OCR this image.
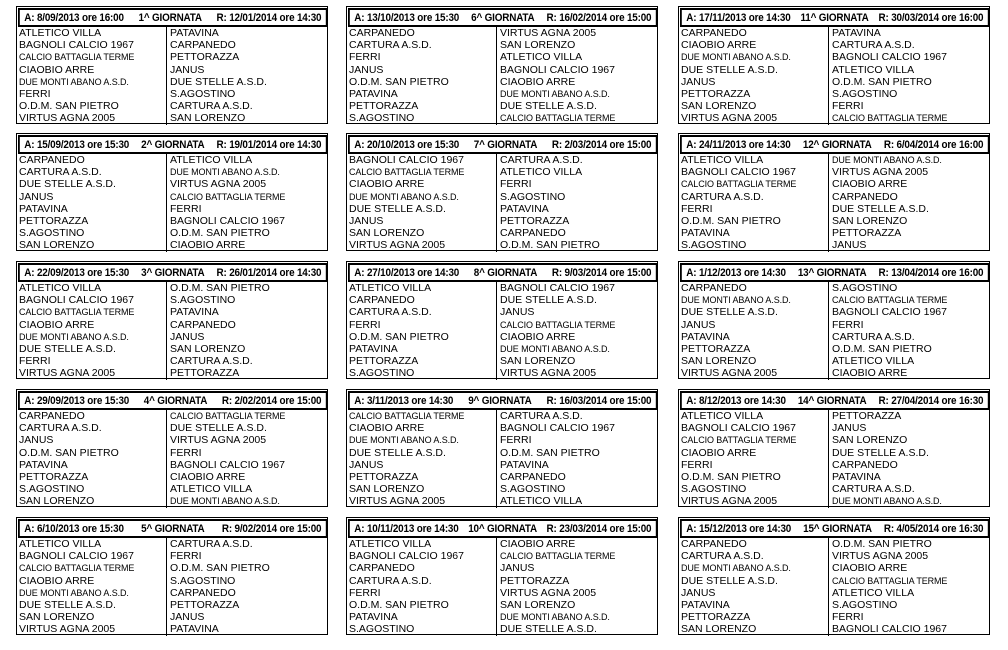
A: 8/09/2013 ore 16:00 1^ GIORNATA R: 12/01/2014 ore 14:30
ATLETICO VILLA	PATAVINA
BAGNOLI CALCIO 1967	CARPANEDO
CALCIO BATTAGLIA TERME	PETTORAZZA
CIAOBIO ARRE	JANUS
DUE MONTI ABANO A.S.D.	DUE STELLE A.S.D.
FERRI	S.AGOSTINO
O.D.M. SAN PIETRO	CARTURA A.S.D.
VIRTUS AGNA 2005	SAN LORENZO
A: 13/10/2013 ore 15:30 6^ GIORNATA R: 16/02/2014 ore 15:00
CARPANEDO	VIRTUS AGNA 2005
CARTURA A.S.D.	SAN LORENZO
FERRI	ATLETICO VILLA
JANUS	BAGNOLI CALCIO 1967
O.D.M. SAN PIETRO	CIAOBIO ARRE
PATAVINA	DUE MONTI ABANO A.S.D.
PETTORAZZA	DUE STELLE A.S.D.
S.AGOSTINO	CALCIO BATTAGLIA TERME
A: 17/11/2013 ore 14:30 11^ GIORNATA R: 30/03/2014 ore 16:00
CARPANEDO	PATAVINA
CIAOBIO ARRE	CARTURA A.S.D.
DUE MONTI ABANO A.S.D.	BAGNOLI CALCIO 1967
DUE STELLE A.S.D.	ATLETICO VILLA
JANUS	O.D.M. SAN PIETRO
PETTORAZZA	S.AGOSTINO
SAN LORENZO	FERRI
VIRTUS AGNA 2005	CALCIO BATTAGLIA TERME
A: 15/09/2013 ore 15:30 2^ GIORNATA R: 19/01/2014 ore 14:30
CARPANEDO	ATLETICO VILLA
CARTURA A.S.D.	DUE MONTI ABANO A.S.D.
DUE STELLE A.S.D.	VIRTUS AGNA 2005
JANUS	CALCIO BATTAGLIA TERME
PATAVINA	FERRI
PETTORAZZA	BAGNOLI CALCIO 1967
S.AGOSTINO	O.D.M. SAN PIETRO
SAN LORENZO	CIAOBIO ARRE
A: 20/10/2013 ore 15:30 7^ GIORNATA R: 2/03/2014 ore 15:00
BAGNOLI CALCIO 1967	CARTURA A.S.D.
CALCIO BATTAGLIA TERME	ATLETICO VILLA
CIAOBIO ARRE	FERRI
DUE MONTI ABANO A.S.D.	S.AGOSTINO
DUE STELLE A.S.D.	PATAVINA
JANUS	PETTORAZZA
SAN LORENZO	CARPANEDO
VIRTUS AGNA 2005	O.D.M. SAN PIETRO
A: 24/11/2013 ore 14:30 12^ GIORNATA R: 6/04/2014 ore 16:00
ATLETICO VILLA	DUE MONTI ABANO A.S.D.
BAGNOLI CALCIO 1967	VIRTUS AGNA 2005
CALCIO BATTAGLIA TERME	CIAOBIO ARRE
CARTURA A.S.D.	CARPANEDO
FERRI	DUE STELLE A.S.D.
O.D.M. SAN PIETRO	SAN LORENZO
PATAVINA	PETTORAZZA
S.AGOSTINO	JANUS
A: 22/09/2013 ore 15:30 3^ GIORNATA R: 26/01/2014 ore 14:30
ATLETICO VILLA	O.D.M. SAN PIETRO
BAGNOLI CALCIO 1967	S.AGOSTINO
CALCIO BATTAGLIA TERME	PATAVINA
CIAOBIO ARRE	CARPANEDO
DUE MONTI ABANO A.S.D.	JANUS
DUE STELLE A.S.D.	SAN LORENZO
FERRI	CARTURA A.S.D.
VIRTUS AGNA 2005	PETTORAZZA
A: 27/10/2013 ore 14:30 8^ GIORNATA R: 9/03/2014 ore 15:00
ATLETICO VILLA	BAGNOLI CALCIO 1967
CARPANEDO	DUE STELLE A.S.D.
CARTURA A.S.D.	JANUS
FERRI	CALCIO BATTAGLIA TERME
O.D.M. SAN PIETRO	CIAOBIO ARRE
PATAVINA	DUE MONTI ABANO A.S.D.
PETTORAZZA	SAN LORENZO
S.AGOSTINO	VIRTUS AGNA 2005
A: 1/12/2013 ore 14:30 13^ GIORNATA R: 13/04/2014 ore 16:00
CARPANEDO	S.AGOSTINO
DUE MONTI ABANO A.S.D.	CALCIO BATTAGLIA TERME
DUE STELLE A.S.D.	BAGNOLI CALCIO 1967
JANUS	FERRI
PATAVINA	CARTURA A.S.D.
PETTORAZZA	O.D.M. SAN PIETRO
SAN LORENZO	ATLETICO VILLA
VIRTUS AGNA 2005	CIAOBIO ARRE
A: 29/09/2013 ore 15:30 4^ GIORNATA R: 2/02/2014 ore 15:00
CARPANEDO	CALCIO BATTAGLIA TERME
CARTURA A.S.D.	DUE STELLE A.S.D.
JANUS	VIRTUS AGNA 2005
O.D.M. SAN PIETRO	FERRI
PATAVINA	BAGNOLI CALCIO 1967
PETTORAZZA	CIAOBIO ARRE
S.AGOSTINO	ATLETICO VILLA
SAN LORENZO	DUE MONTI ABANO A.S.D.
A: 3/11/2013 ore 14:30 9^ GIORNATA R: 16/03/2014 ore 15:00
CALCIO BATTAGLIA TERME	CARTURA A.S.D.
CIAOBIO ARRE	BAGNOLI CALCIO 1967
DUE MONTI ABANO A.S.D.	FERRI
DUE STELLE A.S.D.	O.D.M. SAN PIETRO
JANUS	PATAVINA
PETTORAZZA	CARPANEDO
SAN LORENZO	S.AGOSTINO
VIRTUS AGNA 2005	ATLETICO VILLA
A: 8/12/2013 ore 14:30 14^ GIORNATA R: 27/04/2014 ore 16:30
ATLETICO VILLA	PETTORAZZA
BAGNOLI CALCIO 1967	JANUS
CALCIO BATTAGLIA TERME	SAN LORENZO
CIAOBIO ARRE	DUE STELLE A.S.D.
FERRI	CARPANEDO
O.D.M. SAN PIETRO	PATAVINA
S.AGOSTINO	CARTURA A.S.D.
VIRTUS AGNA 2005	DUE MONTI ABANO A.S.D.
A: 6/10/2013 ore 15:30 5^ GIORNATA R: 9/02/2014 ore 15:00
ATLETICO VILLA	CARTURA A.S.D.
BAGNOLI CALCIO 1967	FERRI
CALCIO BATTAGLIA TERME	O.D.M. SAN PIETRO
CIAOBIO ARRE	S.AGOSTINO
DUE MONTI ABANO A.S.D.	CARPANEDO
DUE STELLE A.S.D.	PETTORAZZA
SAN LORENZO	JANUS
VIRTUS AGNA 2005	PATAVINA
A: 10/11/2013 ore 14:30 10^ GIORNATA R: 23/03/2014 ore 15:00
ATLETICO VILLA	CIAOBIO ARRE
BAGNOLI CALCIO 1967	CALCIO BATTAGLIA TERME
CARPANEDO	JANUS
CARTURA A.S.D.	PETTORAZZA
FERRI	VIRTUS AGNA 2005
O.D.M. SAN PIETRO	SAN LORENZO
PATAVINA	DUE MONTI ABANO A.S.D.
S.AGOSTINO	DUE STELLE A.S.D.
A: 15/12/2013 ore 14:30 15^ GIORNATA R: 4/05/2014 ore 16:30
CARPANEDO	O.D.M. SAN PIETRO
CARTURA A.S.D.	VIRTUS AGNA 2005
DUE MONTI ABANO A.S.D.	CIAOBIO ARRE
DUE STELLE A.S.D.	CALCIO BATTAGLIA TERME
JANUS	ATLETICO VILLA
PATAVINA	S.AGOSTINO
PETTORAZZA	FERRI
SAN LORENZO	BAGNOLI CALCIO 1967
